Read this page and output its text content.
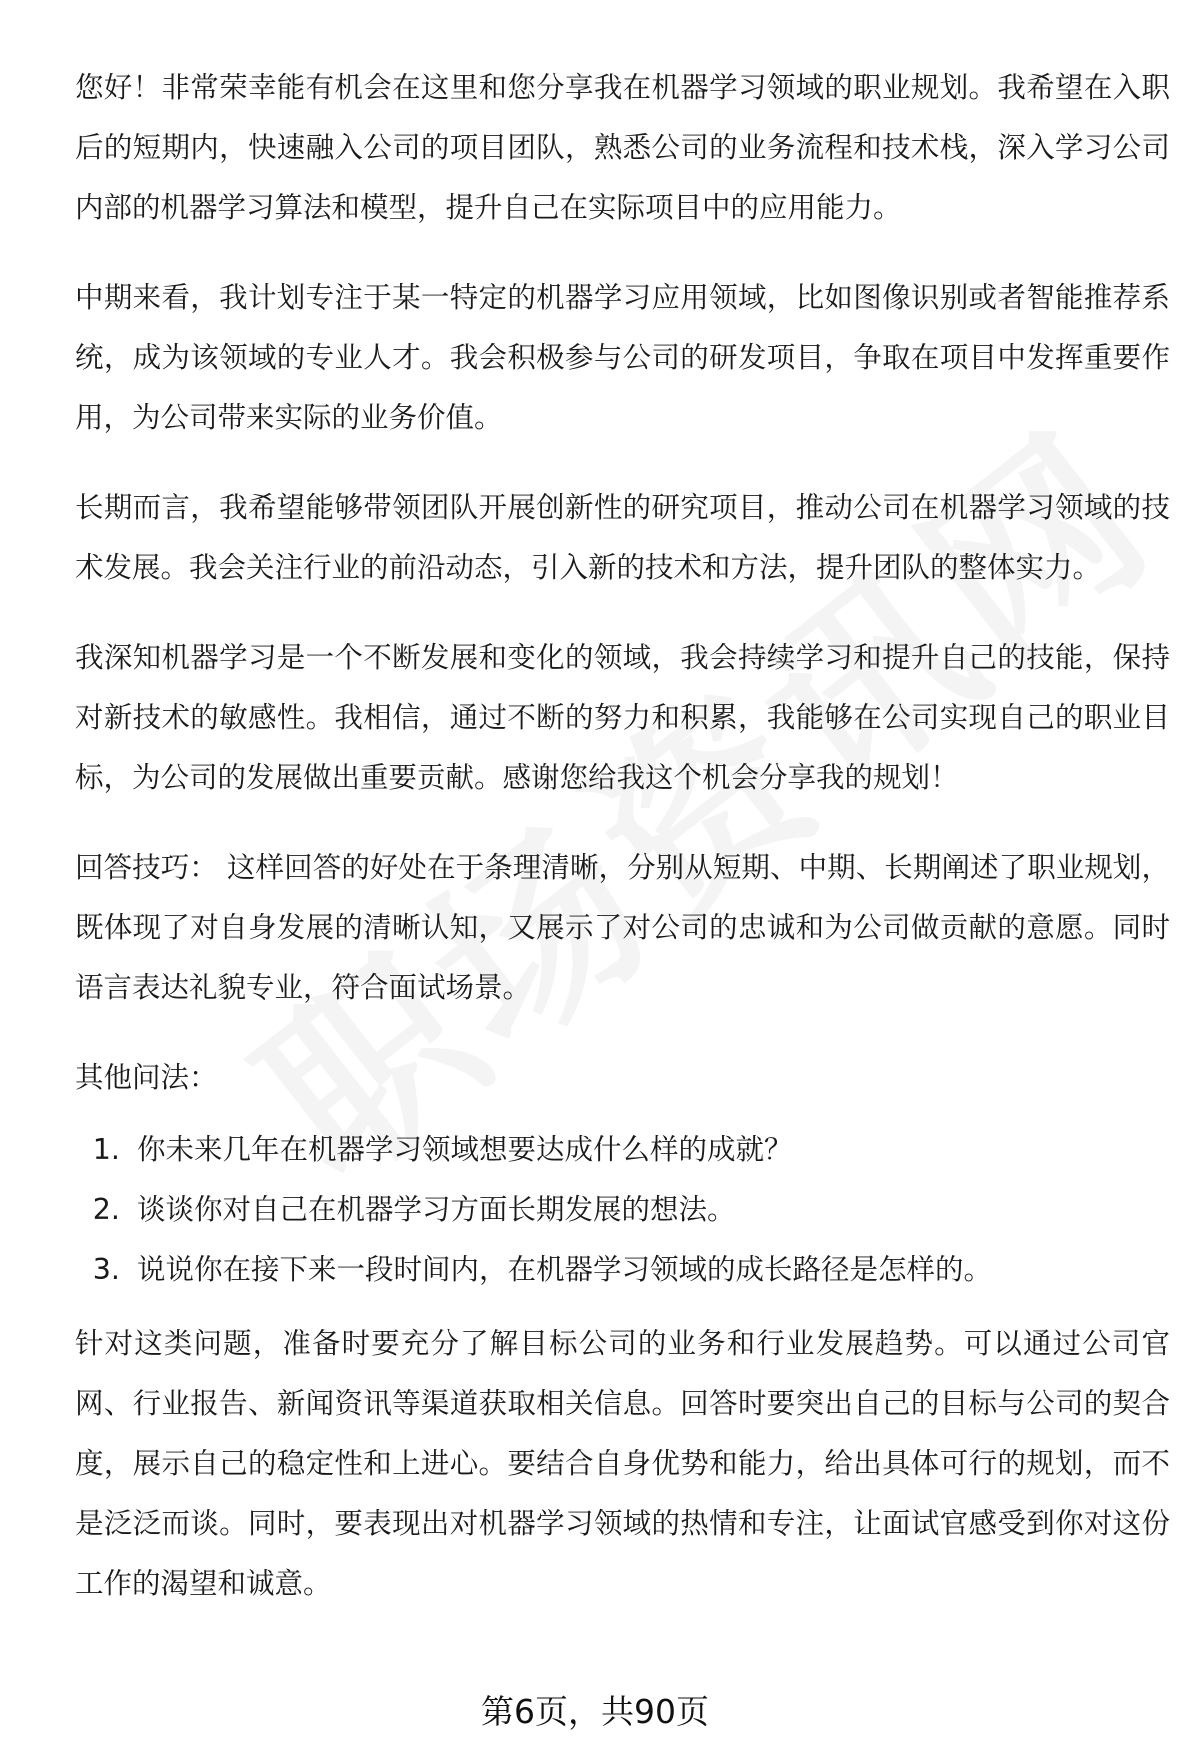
您好！非常荣幸能有机会在这里和您分享我在机器学习领域的职业规划。我希望在入职后的短期内，快速融入公司的项目团队，熟悉公司的业务流程和技术栈，深入学习公司内部的机器学习算法和模型，提升自己在实际项目中的应用能力。

中期来看，我计划专注于某一特定的机器学习应用领域，比如图像识别或者智能推荐系统，成为该领域的专业人才。我会积极参与公司的研发项目，争取在项目中发挥重要作用，为公司带来实际的业务价值。

长期而言，我希望能够带领团队开展创新性的研究项目，推动公司在机器学习领域的技术发展。我会关注行业的前沿动态，引入新的技术和方法，提升团队的整体实力。

我深知机器学习是一个不断发展和变化的领域，我会持续学习和提升自己的技能，保持对新技术的敏感性。我相信，通过不断的努力和积累，我能够在公司实现自己的职业目标，为公司的发展做出重要贡献。感谢您给我这个机会分享我的规划！

回答技巧： 这样回答的好处在于条理清晰，分别从短期、中期、长期阐述了职业规划，既体现了对自身发展的清晰认知，又展示了对公司的忠诚和为公司做贡献的意愿。同时语言表达礼貌专业，符合面试场景。

其他问法：

1. 你未来几年在机器学习领域想要达成什么样的成就？
2. 谈谈你对自己在机器学习方面长期发展的想法。
3. 说说你在接下来一段时间内，在机器学习领域的成长路径是怎样的。

针对这类问题，准备时要充分了解目标公司的业务和行业发展趋势。可以通过公司官网、行业报告、新闻资讯等渠道获取相关信息。回答时要突出自己的目标与公司的契合度，展示自己的稳定性和上进心。要结合自身优势和能力，给出具体可行的规划，而不是泛泛而谈。同时，要表现出对机器学习领域的热情和专注，让面试官感受到你对这份工作的渴望和诚意。

第6页，共90页
